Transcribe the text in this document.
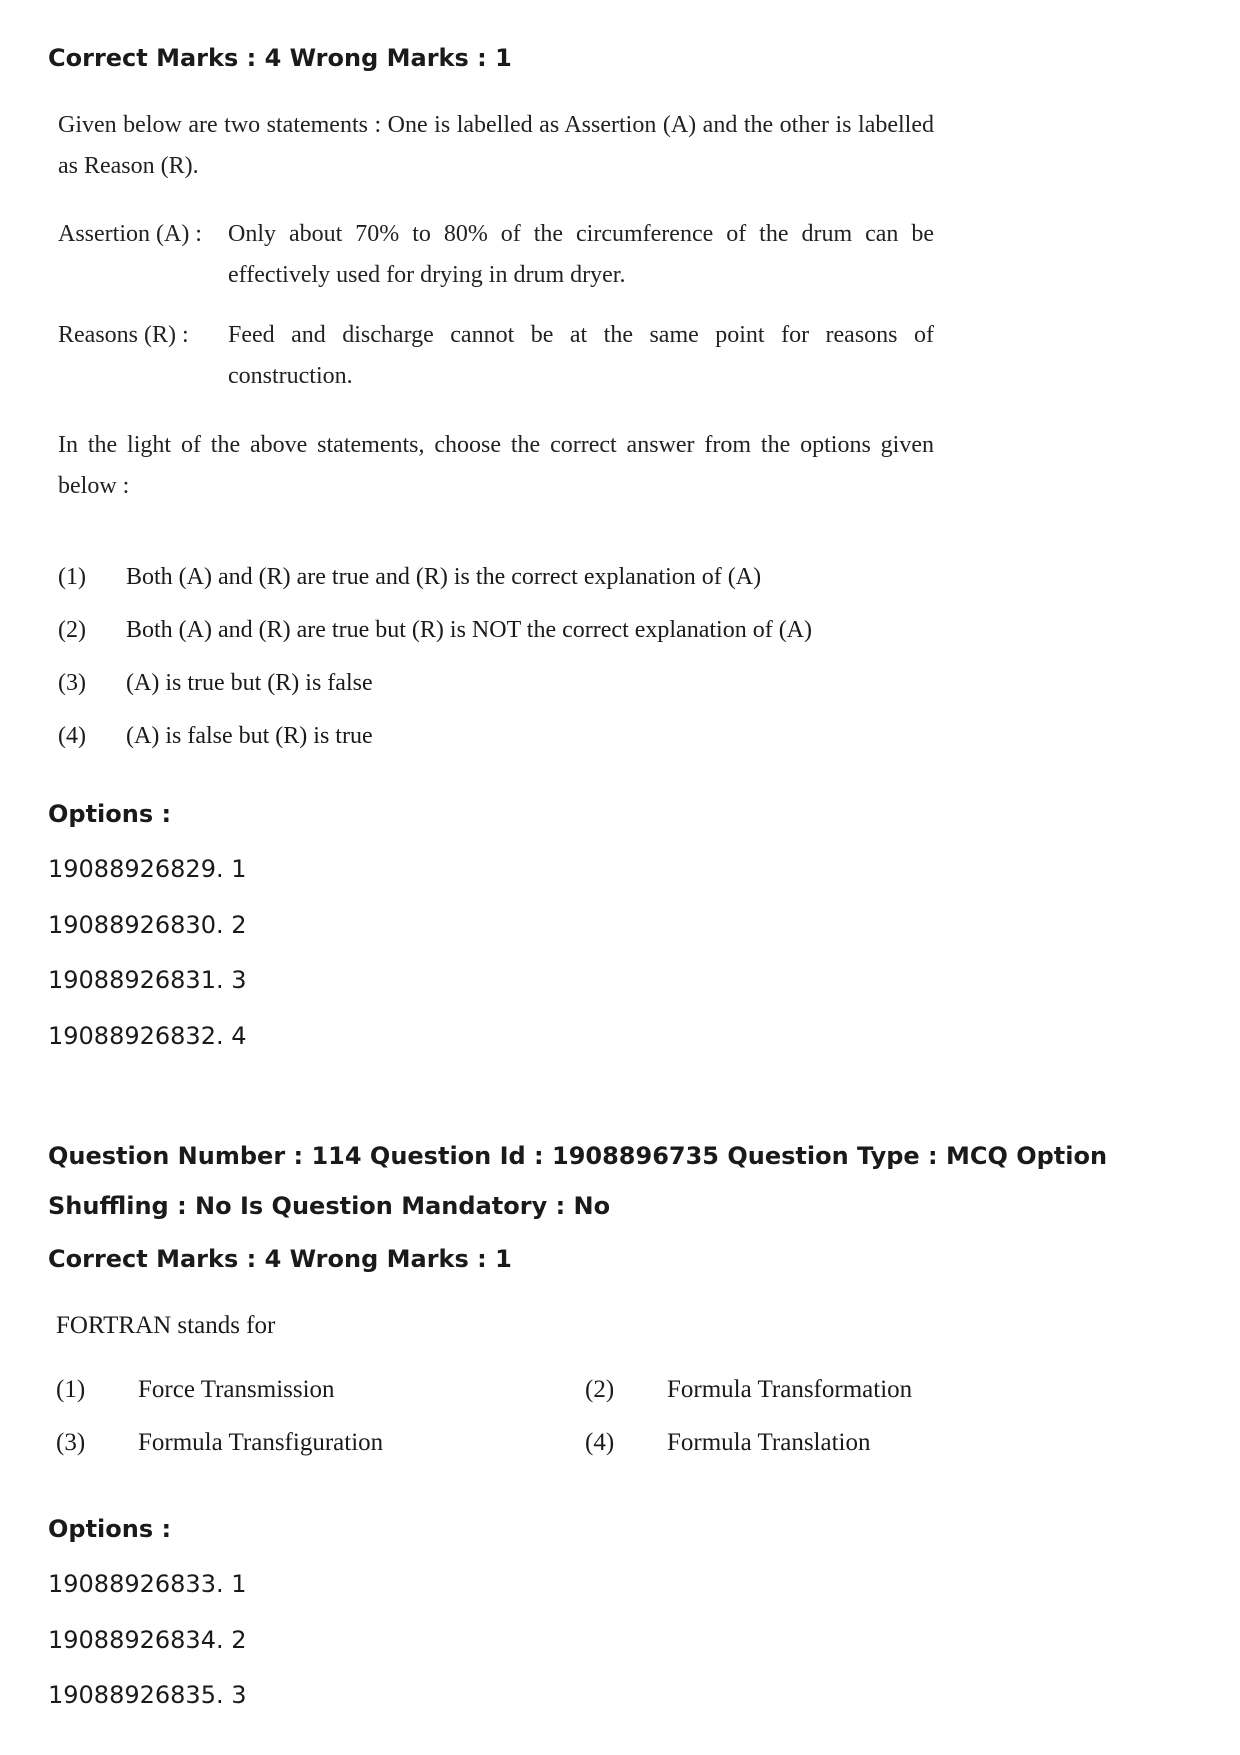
Correct Marks : 4 Wrong Marks : 1
Given below are two statements : One is labelled as Assertion (A) and the other is labelled as Reason (R).
Assertion (A) :	Only about 70% to 80% of the circumference of the drum can be effectively used for drying in drum dryer.
Reasons (R) :	Feed and discharge cannot be at the same point for reasons of construction.
In the light of the above statements, choose the correct answer from the options given below :
(1) Both (A) and (R) are true and (R) is the correct explanation of (A)
(2) Both (A) and (R) are true but (R) is NOT the correct explanation of (A)
(3) (A) is true but (R) is false
(4) (A) is false but (R) is true
Options :
19088926829. 1
19088926830. 2
19088926831. 3
19088926832. 4
Question Number : 114 Question Id : 1908896735 Question Type : MCQ Option Shuffling : No Is Question Mandatory : No
Correct Marks : 4 Wrong Marks : 1
FORTRAN stands for
(1) Force Transmission	(2) Formula Transformation
(3) Formula Transfiguration	(4) Formula Translation
Options :
19088926833. 1
19088926834. 2
19088926835. 3
